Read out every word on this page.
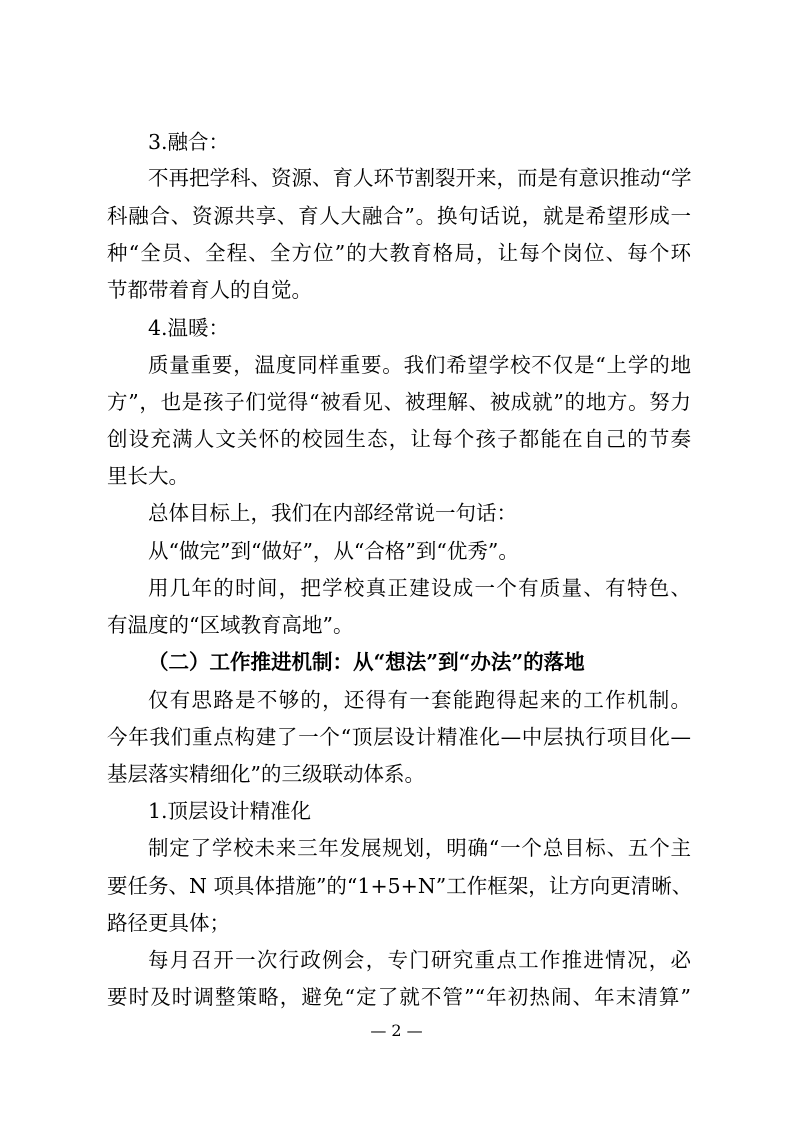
3.融合：
不再把学科、资源、育人环节割裂开来，而是有意识推动“学
科融合、资源共享、育人大融合”。换句话说，就是希望形成一
种“全员、全程、全方位”的大教育格局，让每个岗位、每个环
节都带着育人的自觉。
4.温暖：
质量重要，温度同样重要。我们希望学校不仅是“上学的地
方”，也是孩子们觉得“被看见、被理解、被成就”的地方。努力
创设充满人文关怀的校园生态，让每个孩子都能在自己的节奏
里长大。
总体目标上，我们在内部经常说一句话：
从“做完”到“做好”，从“合格”到“优秀”。
用几年的时间，把学校真正建设成一个有质量、有特色、
有温度的“区域教育高地”。
（二）工作推进机制：从“想法”到“办法”的落地
仅有思路是不够的，还得有一套能跑得起来的工作机制。
今年我们重点构建了一个“顶层设计精准化—中层执行项目化—
基层落实精细化”的三级联动体系。
1.顶层设计精准化
制定了学校未来三年发展规划，明确“一个总目标、五个主
要任务、N 项具体措施”的“1+5+N”工作框架，让方向更清晰、
路径更具体；
每月召开一次行政例会，专门研究重点工作推进情况，必
要时及时调整策略，避免“定了就不管”“年初热闹、年末清算”
— 2 —
